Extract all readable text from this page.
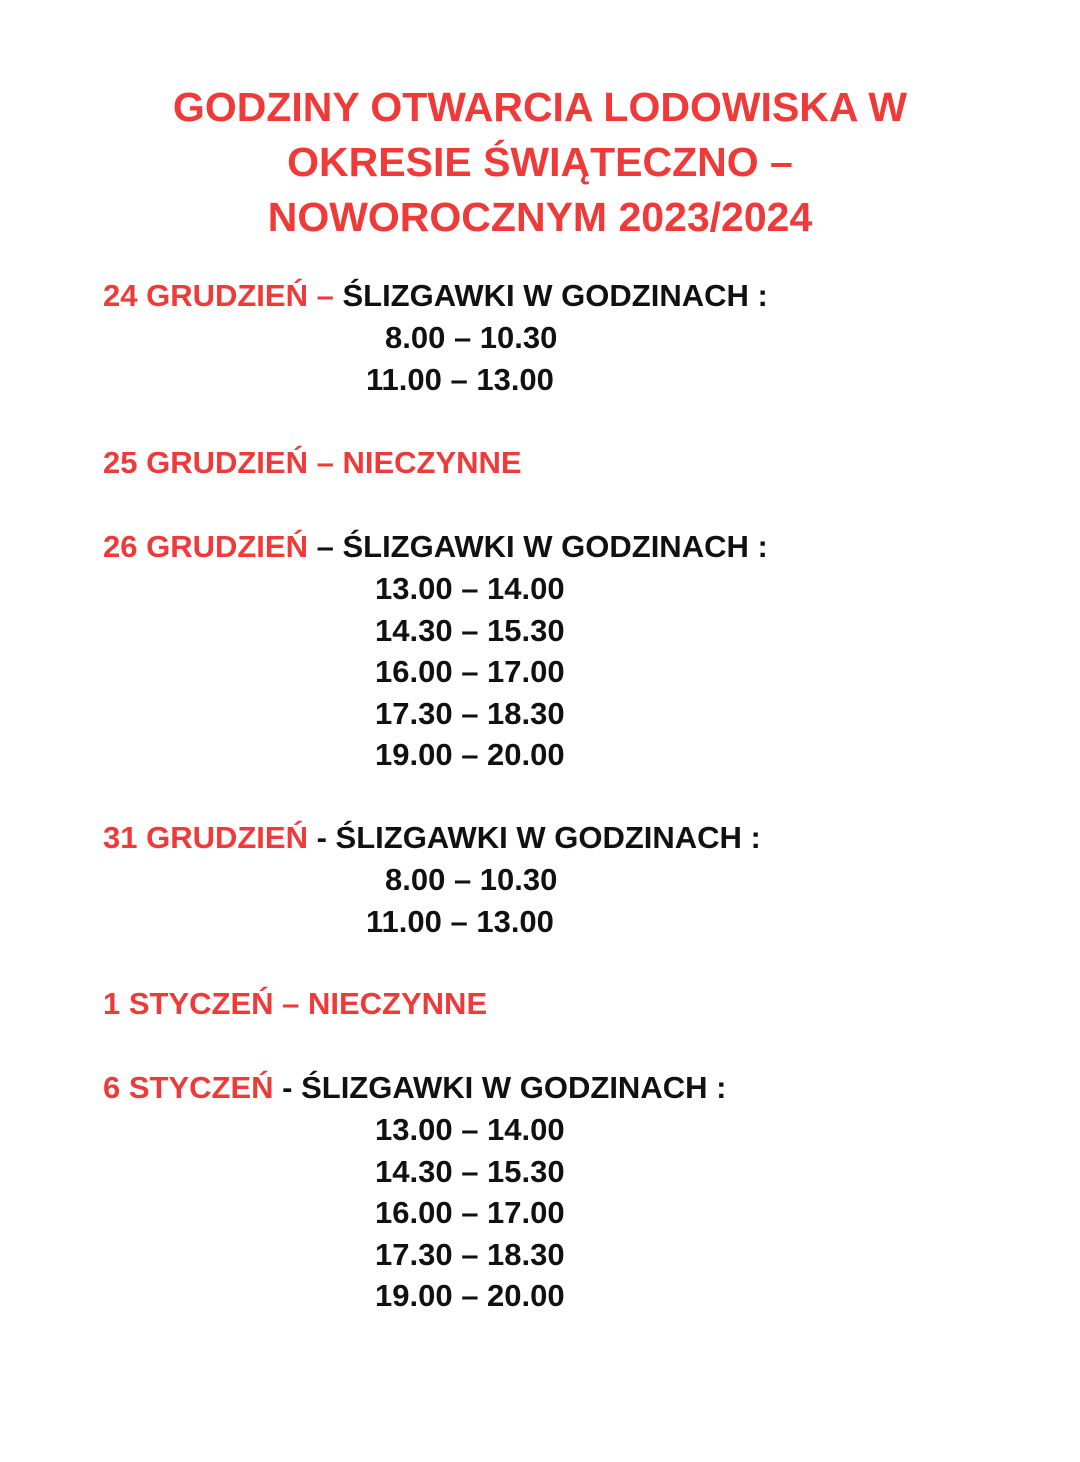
GODZINY OTWARCIA LODOWISKA W
OKRESIE ŚWIĄTECZNO –
NOWOROCZNYM 2023/2024
24 GRUDZIEŃ – ŚLIZGAWKI W GODZINACH :
8.00 – 10.30
11.00 – 13.00
25 GRUDZIEŃ – NIECZYNNE
26 GRUDZIEŃ – ŚLIZGAWKI W GODZINACH :
13.00 – 14.00
14.30 – 15.30
16.00 – 17.00
17.30 – 18.30
19.00 – 20.00
31 GRUDZIEŃ - ŚLIZGAWKI W GODZINACH :
8.00 – 10.30
11.00 – 13.00
1 STYCZEŃ – NIECZYNNE
6 STYCZEŃ - ŚLIZGAWKI W GODZINACH :
13.00 – 14.00
14.30 – 15.30
16.00 – 17.00
17.30 – 18.30
19.00 – 20.00
